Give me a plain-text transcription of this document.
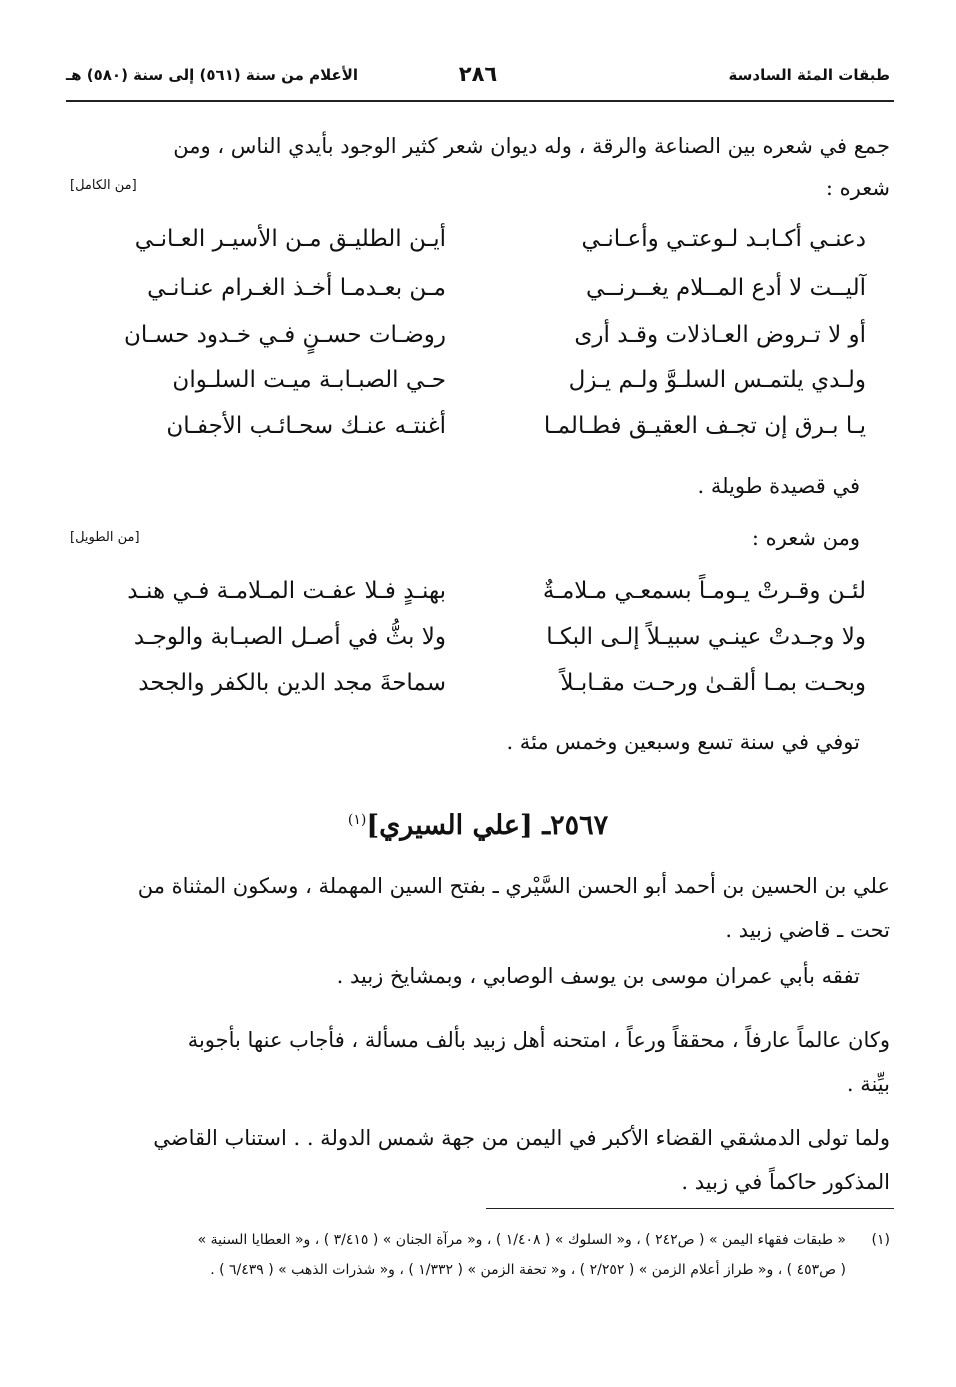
طبقات المئة السادسة
٢٨٦
الأعلام من سنة (٥٦١) إلى سنة (٥٨٠) هـ
جمع في شعره بين الصناعة والرقة ، وله ديوان شعر كثير الوجود بأيدي الناس ، ومن
شعره :
[من الكامل]
دعنـي أكـابـد لـوعتـي وأعـانـي
أيـن الطليـق مـن الأسيـر العـانـي
آليــت لا أدع المــلام يغــرنــي
مـن بعـدمـا أخـذ الغـرام عنـانـي
أو لا تـروض العـاذلات وقـد أرى
روضـات حسـنٍ فـي خـدود حسـان
ولـدي يلتمـس السلـوَّ ولـم يـزل
حـي الصبـابـة ميـت السلـوان
يـا بـرق إن تجـف العقيـق فطـالمـا
أغنتـه عنـك سحـائـب الأجفـان
في قصيدة طويلة .
ومن شعره :
[من الطويل]
لئـن وقـرتْ يـومـاً بسمعـي مـلامـةٌ
بهنـدٍ فـلا عفـت المـلامـة فـي هنـد
ولا وجـدتْ عينـي سبيـلاً إلـى البكـا
ولا بثُّ في أصـل الصبـابة والوجـد
وبحـت بمـا ألقـىٰ ورحـت مقـابـلاً
سماحةَ مجد الدين بالكفر والجحد
توفي في سنة تسع وسبعين وخمس مئة .
٢٥٦٧ـ [علي السيري]$^{(١)}$
علي بن الحسين بن أحمد أبو الحسن السَّيْري ـ بفتح السين المهملة ، وسكون المثناة من
تحت ـ قاضي زبيد .
تفقه بأبي عمران موسى بن يوسف الوصابي ، وبمشايخ زبيد .
وكان عالماً عارفاً ، محققاً ورعاً ، امتحنه أهل زبيد بألف مسألة ، فأجاب عنها بأجوبة
بيِّنة .
ولما تولى الدمشقي القضاء الأكبر في اليمن من جهة شمس الدولة . . استناب القاضي
المذكور حاكماً في زبيد .
(١)
« طبقات فقهاء اليمن » ( ص٢٤٢ ) ، و« السلوك » ( ١/٤٠٨ ) ، و« مرآة الجنان » ( ٣/٤١٥ ) ، و« العطايا السنية »
( ص٤٥٣ ) ، و« طراز أعلام الزمن » ( ٢/٢٥٢ ) ، و« تحفة الزمن » ( ١/٣٣٢ ) ، و« شذرات الذهب » ( ٦/٤٣٩ ) .
